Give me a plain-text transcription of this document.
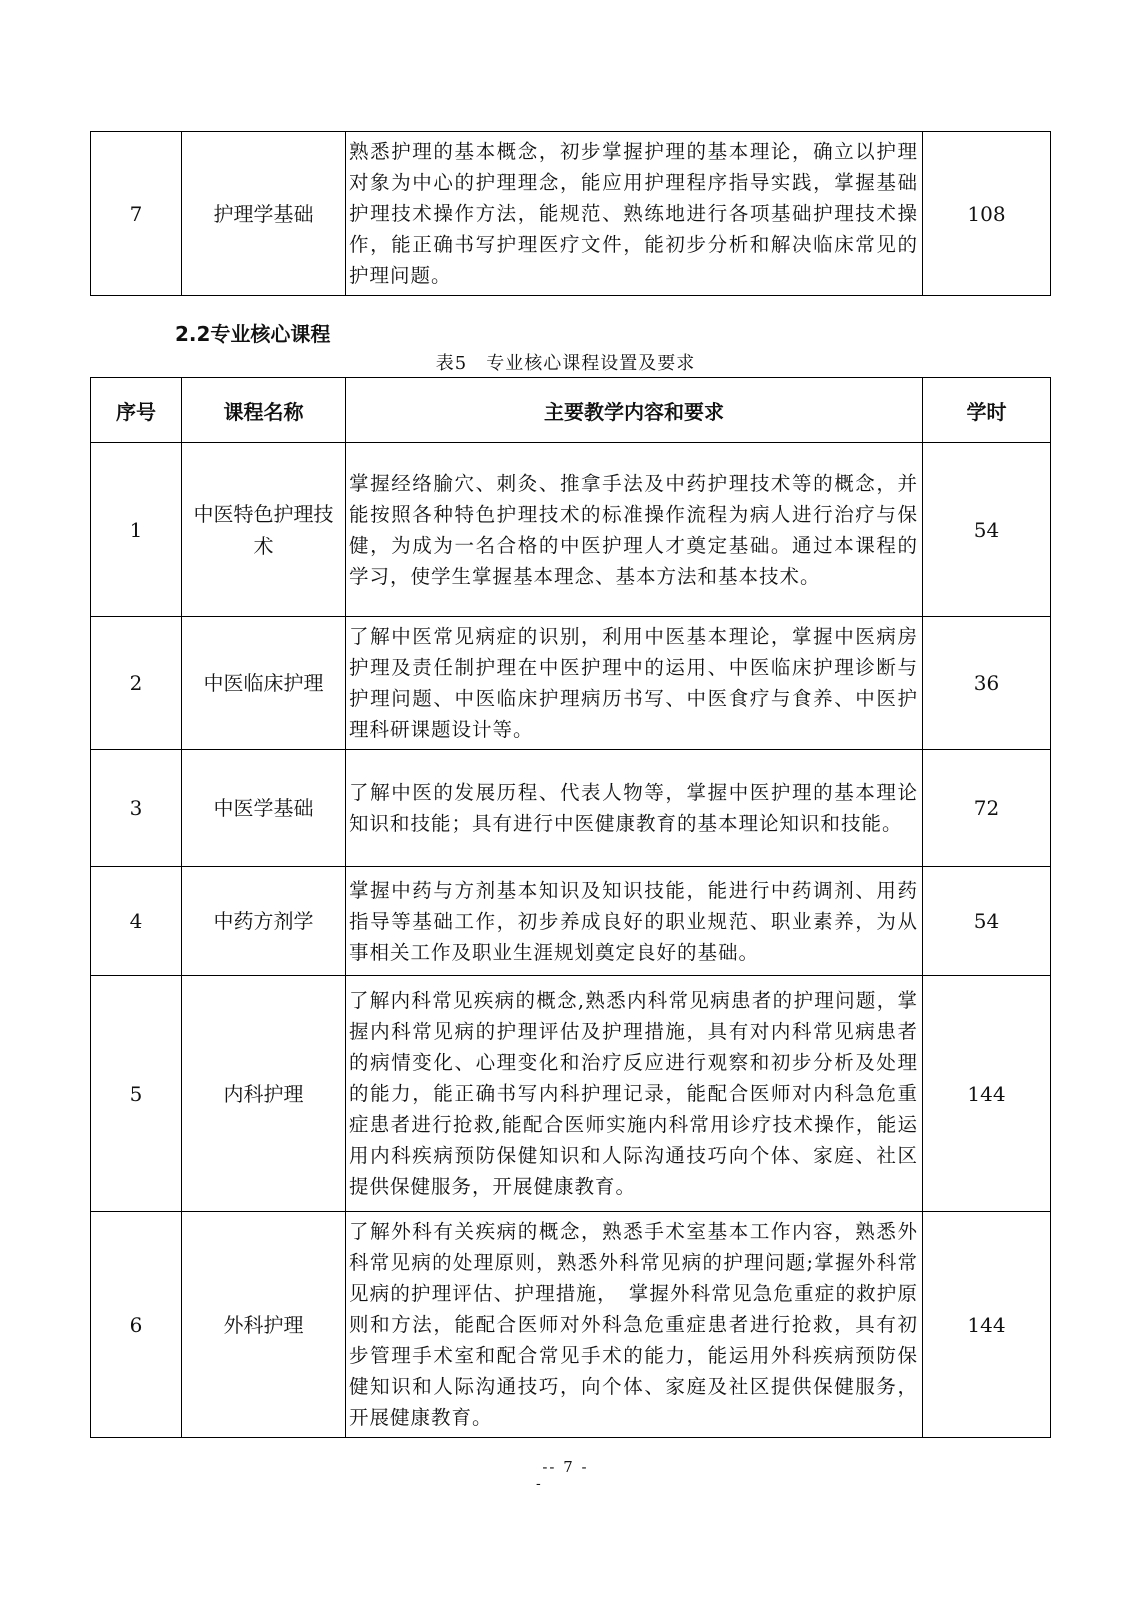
7	护理学基础	熟悉护理的基本概念，初步掌握护理的基本理论，确立以护理对象为中心的护理理念，能应用护理程序指导实践，掌握基础护理技术操作方法，能规范、熟练地进行各项基础护理技术操作，能正确书写护理医疗文件，能初步分析和解决临床常见的护理问题。	108
2.2专业核心课程
表5　专业核心课程设置及要求
序号	课程名称	主要教学内容和要求	学时
1	中医特色护理技术	掌握经络腧穴、刺灸、推拿手法及中药护理技术等的概念，并能按照各种特色护理技术的标准操作流程为病人进行治疗与保健，为成为一名合格的中医护理人才奠定基础。通过本课程的学习，使学生掌握基本理念、基本方法和基本技术。	54
2	中医临床护理	了解中医常见病症的识别，利用中医基本理论，掌握中医病房护理及责任制护理在中医护理中的运用、中医临床护理诊断与护理问题、中医临床护理病历书写、中医食疗与食养、中医护理科研课题设计等。	36
3	中医学基础	了解中医的发展历程、代表人物等，掌握中医护理的基本理论知识和技能；具有进行中医健康教育的基本理论知识和技能。	72
4	中药方剂学	掌握中药与方剂基本知识及知识技能，能进行中药调剂、用药指导等基础工作，初步养成良好的职业规范、职业素养，为从事相关工作及职业生涯规划奠定良好的基础。	54
5	内科护理	了解内科常见疾病的概念,熟悉内科常见病患者的护理问题，掌握内科常见病的护理评估及护理措施，具有对内科常见病患者的病情变化、心理变化和治疗反应进行观察和初步分析及处理的能力，能正确书写内科护理记录，能配合医师对内科急危重症患者进行抢救,能配合医师实施内科常用诊疗技术操作，能运用内科疾病预防保健知识和人际沟通技巧向个体、家庭、社区提供保健服务，开展健康教育。	144
6	外科护理	了解外科有关疾病的概念，熟悉手术室基本工作内容，熟悉外科常见病的处理原则，熟悉外科常见病的护理问题;掌握外科常见病的护理评估、护理措施，　掌握外科常见急危重症的救护原则和方法，能配合医师对外科急危重症患者进行抢救，具有初步管理手术室和配合常见手术的能力，能运用外科疾病预防保健知识和人际沟通技巧，向个体、家庭及社区提供保健服务，开展健康教育。	144
-- 7 -
-
